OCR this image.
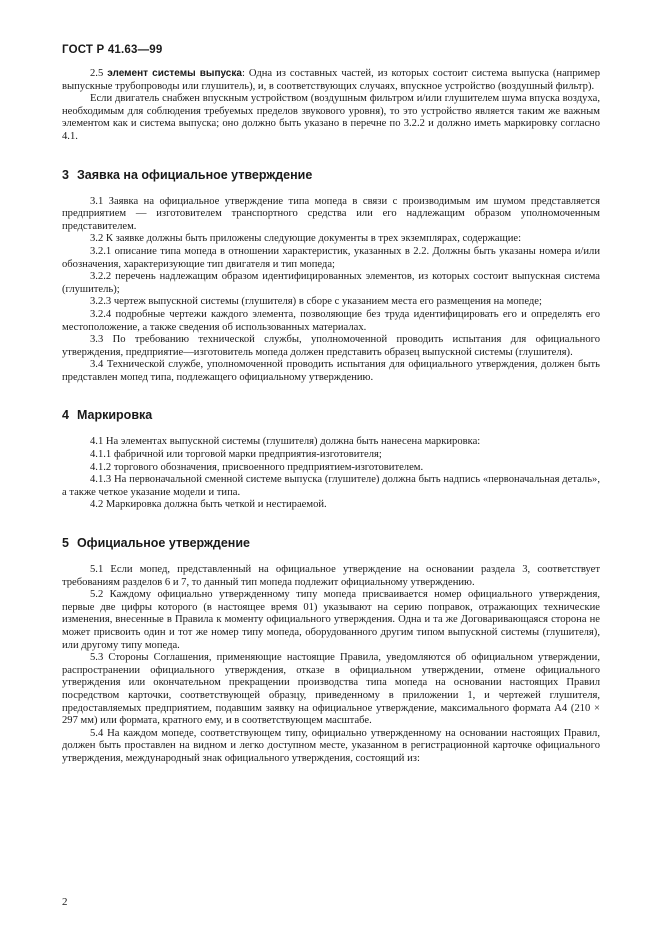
ГОСТ Р 41.63—99

2.5 элемент системы выпуска: Одна из составных частей, из которых состоит система выпуска (например выпускные трубопроводы или глушитель), и, в соответствующих случаях, впускное устройство (воздушный фильтр).

Если двигатель снабжен впускным устройством (воздушным фильтром и/или глушителем шума впуска воздуха, необходимым для соблюдения требуемых пределов звукового уровня), то это устройство является таким же важным элементом как и система выпуска; оно должно быть указано в перечне по 3.2.2 и должно иметь маркировку согласно 4.1.

3 Заявка на официальное утверждение

3.1 Заявка на официальное утверждение типа мопеда в связи с производимым им шумом представляется предприятием — изготовителем транспортного средства или его надлежащим образом уполномоченным представителем.

3.2 К заявке должны быть приложены следующие документы в трех экземплярах, содержащие:

3.2.1 описание типа мопеда в отношении характеристик, указанных в 2.2. Должны быть указаны номера и/или обозначения, характеризующие тип двигателя и тип мопеда;

3.2.2 перечень надлежащим образом идентифицированных элементов, из которых состоит выпускная система (глушитель);

3.2.3 чертеж выпускной системы (глушителя) в сборе с указанием места его размещения на мопеде;

3.2.4 подробные чертежи каждого элемента, позволяющие без труда идентифицировать его и определять его местоположение, а также сведения об использованных материалах.

3.3 По требованию технической службы, уполномоченной проводить испытания для официального утверждения, предприятие—изготовитель мопеда должен представить образец выпускной системы (глушителя).

3.4 Технической службе, уполномоченной проводить испытания для официального утверждения, должен быть представлен мопед типа, подлежащего официальному утверждению.

4 Маркировка

4.1 На элементах выпускной системы (глушителя) должна быть нанесена маркировка:

4.1.1 фабричной или торговой марки предприятия-изготовителя;

4.1.2 торгового обозначения, присвоенного предприятием-изготовителем.

4.1.3 На первоначальной сменной системе выпуска (глушителе) должна быть надпись «первоначальная деталь», а также четкое указание модели и типа.

4.2 Маркировка должна быть четкой и нестираемой.

5 Официальное утверждение

5.1 Если мопед, представленный на официальное утверждение на основании раздела 3, соответствует требованиям разделов 6 и 7, то данный тип мопеда подлежит официальному утверждению.

5.2 Каждому официально утвержденному типу мопеда присваивается номер официального утверждения, первые две цифры которого (в настоящее время 01) указывают на серию поправок, отражающих технические изменения, внесенные в Правила к моменту официального утверждения. Одна и та же Договаривающаяся сторона не может присвоить один и тот же номер типу мопеда, оборудованного другим типом выпускной системы (глушителя), или другому типу мопеда.

5.3 Стороны Соглашения, применяющие настоящие Правила, уведомляются об официальном утверждении, распространении официального утверждения, отказе в официальном утверждении, отмене официального утверждения или окончательном прекращении производства типа мопеда на основании настоящих Правил посредством карточки, соответствующей образцу, приведенному в приложении 1, и чертежей глушителя, предоставляемых предприятием, подавшим заявку на официальное утверждение, максимального формата А4 (210 × 297 мм) или формата, кратного ему, и в соответствующем масштабе.

5.4 На каждом мопеде, соответствующем типу, официально утвержденному на основании настоящих Правил, должен быть проставлен на видном и легко доступном месте, указанном в регистрационной карточке официального утверждения, международный знак официального утверждения, состоящий из:

2
